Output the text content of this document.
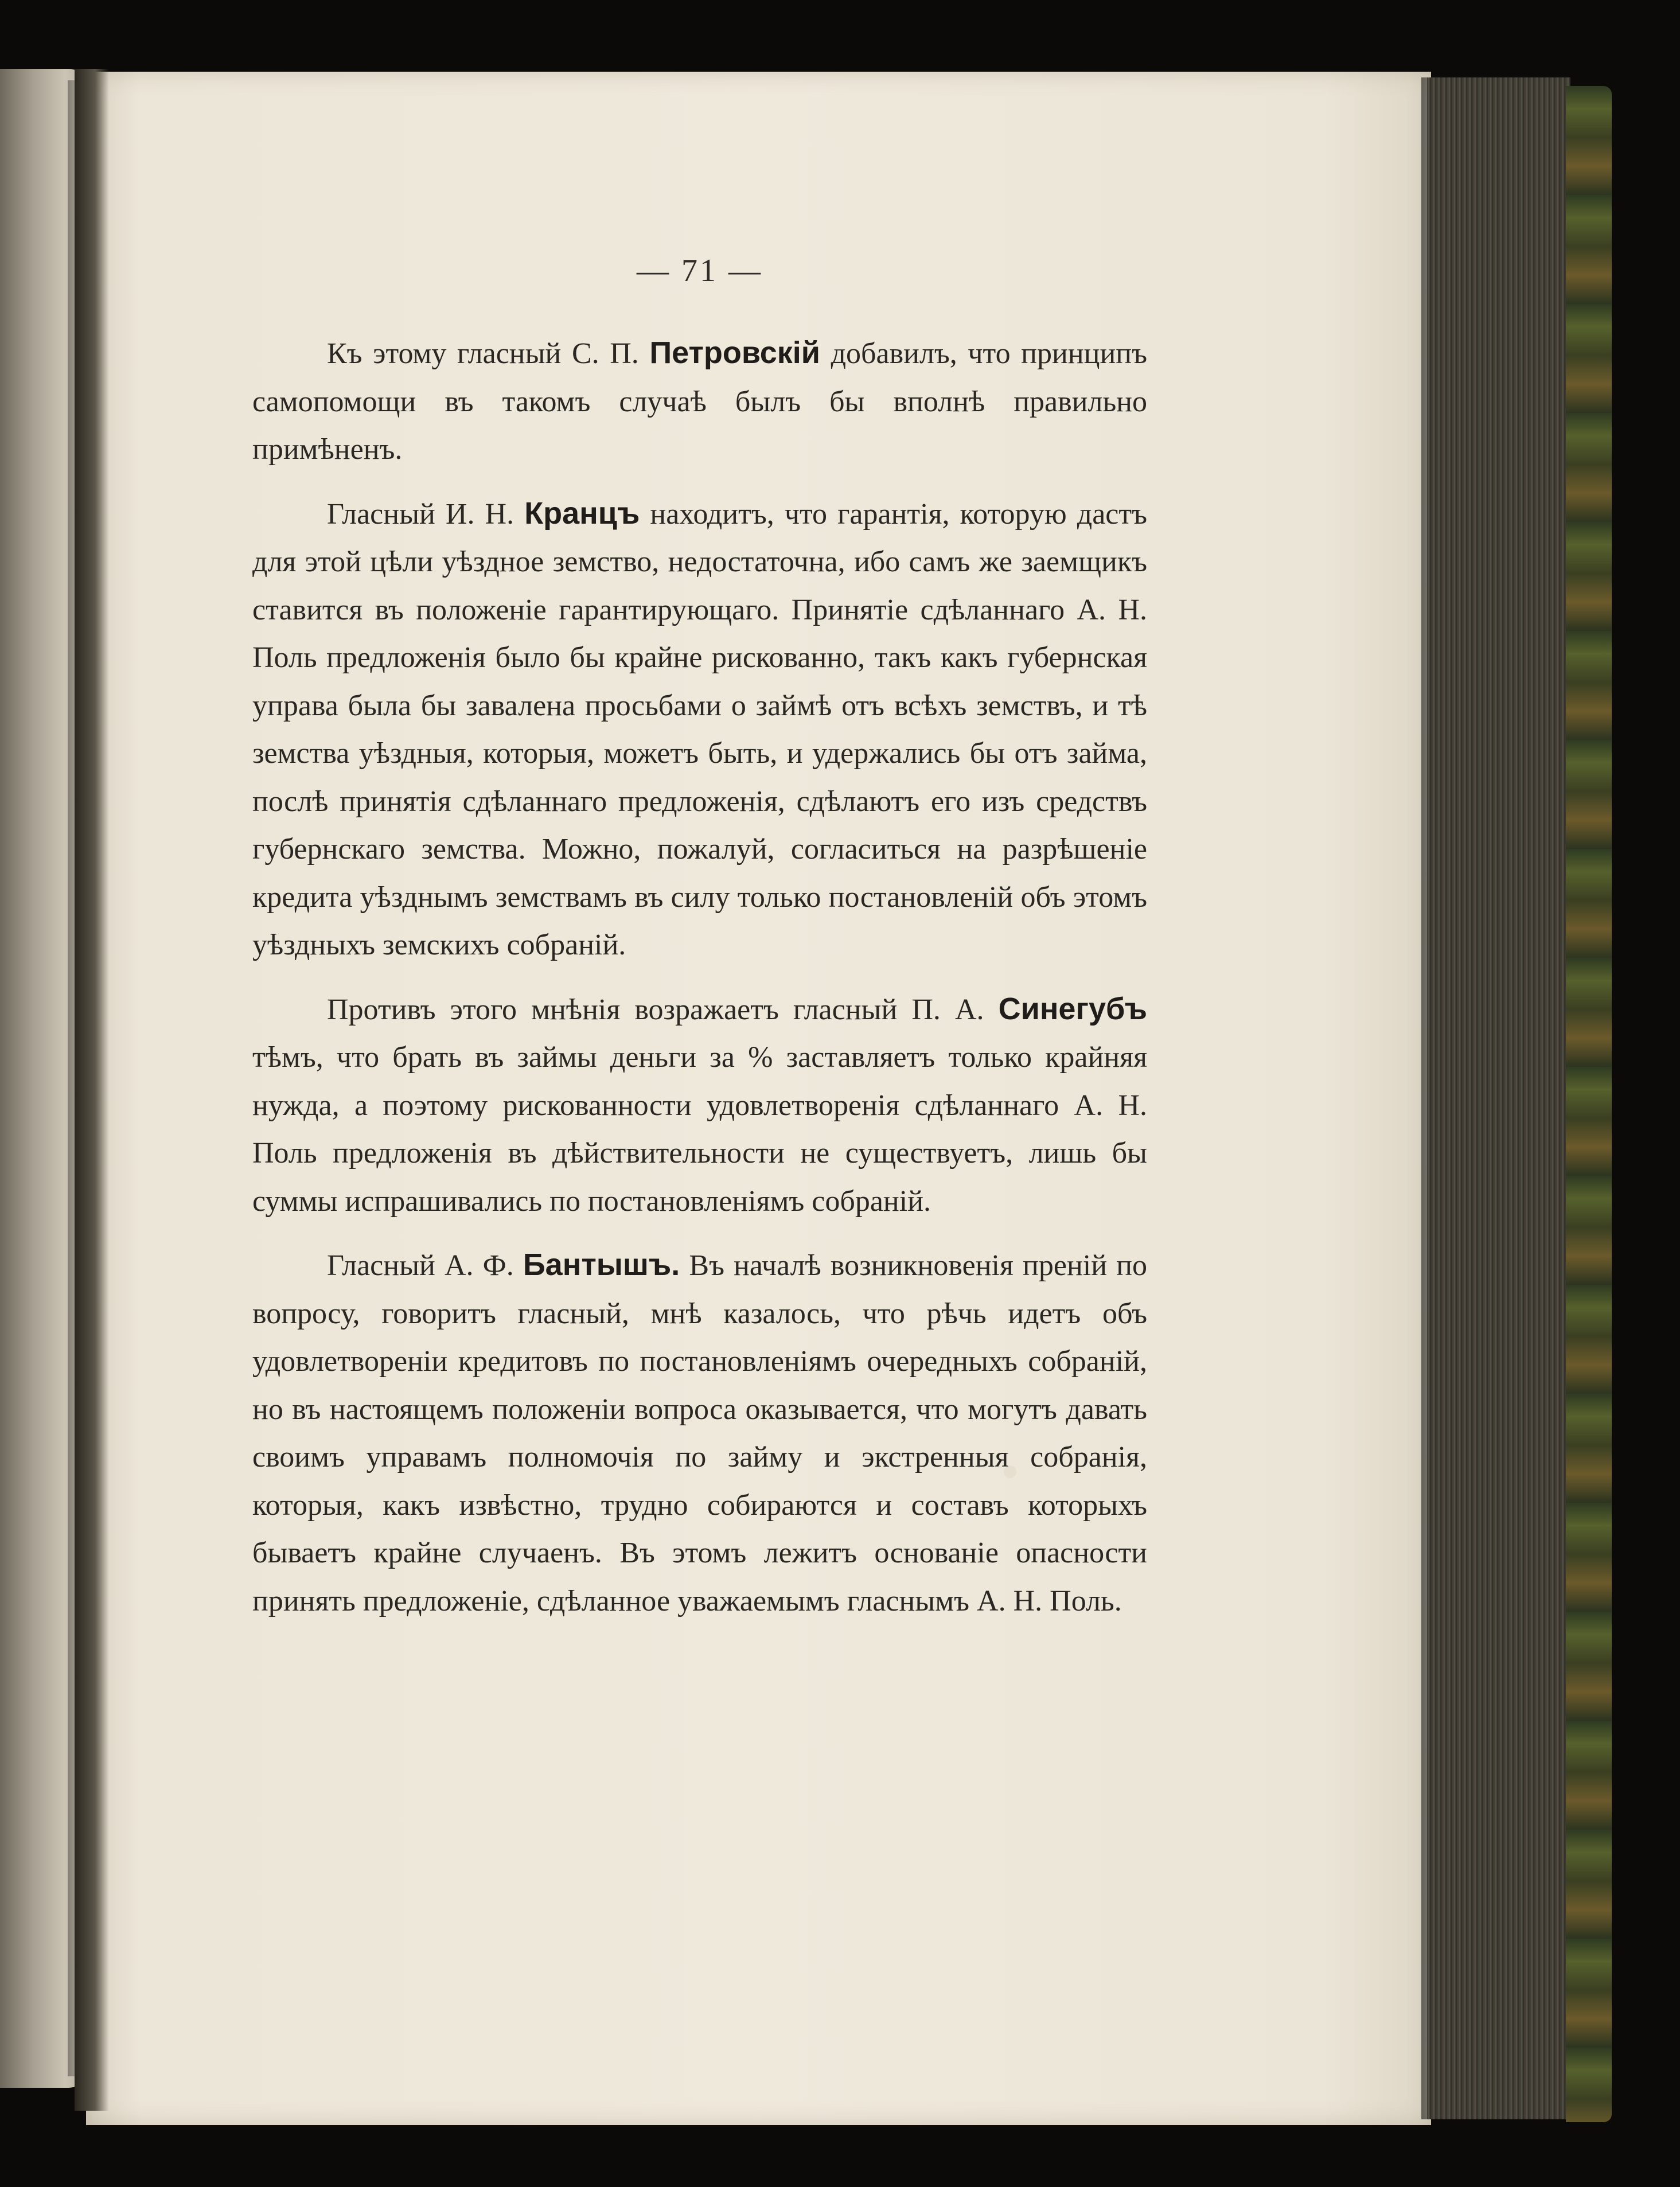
— 71 —

Къ этому гласный С. П. Петровскій добавилъ, что принципъ самопомощи въ такомъ случаѣ былъ бы вполнѣ правильно примѣненъ.

Гласный И. Н. Кранцъ находитъ, что гарантія, которую дастъ для этой цѣли уѣздное земство, недостаточна, ибо самъ же заемщикъ ставится въ положеніе гарантирующаго. Принятіе сдѣланнаго А. Н. Поль предложенія было бы крайне рискованно, такъ какъ губернская управа была бы завалена просьбами о займѣ отъ всѣхъ земствъ, и тѣ земства уѣздныя, которыя, можетъ быть, и удержались бы отъ займа, послѣ принятія сдѣланнаго предложенія, сдѣлаютъ его изъ средствъ губернскаго земства. Можно, пожалуй, согласиться на разрѣшеніе кредита уѣзднымъ земствамъ въ силу только постановленій объ этомъ уѣздныхъ земскихъ собраній.

Противъ этого мнѣнія возражаетъ гласный П. А. Синегубъ тѣмъ, что брать въ займы деньги за % заставляетъ только крайняя нужда, а поэтому рискованности удовлетворенія сдѣланнаго А. Н. Поль предложенія въ дѣйствительности не существуетъ, лишь бы суммы испрашивались по постановленіямъ собраній.

Гласный А. Ф. Бантышъ. Въ началѣ возникновенія преній по вопросу, говоритъ гласный, мнѣ казалось, что рѣчь идетъ объ удовлетвореніи кредитовъ по постановленіямъ очередныхъ собраній, но въ настоящемъ положеніи вопроса оказывается, что могутъ давать своимъ управамъ полномочія по займу и экстренныя собранія, которыя, какъ извѣстно, трудно собираются и составъ которыхъ бываетъ крайне случаенъ. Въ этомъ лежитъ основаніе опасности принять предложеніе, сдѣланное уважаемымъ гласнымъ А. Н. Поль.
